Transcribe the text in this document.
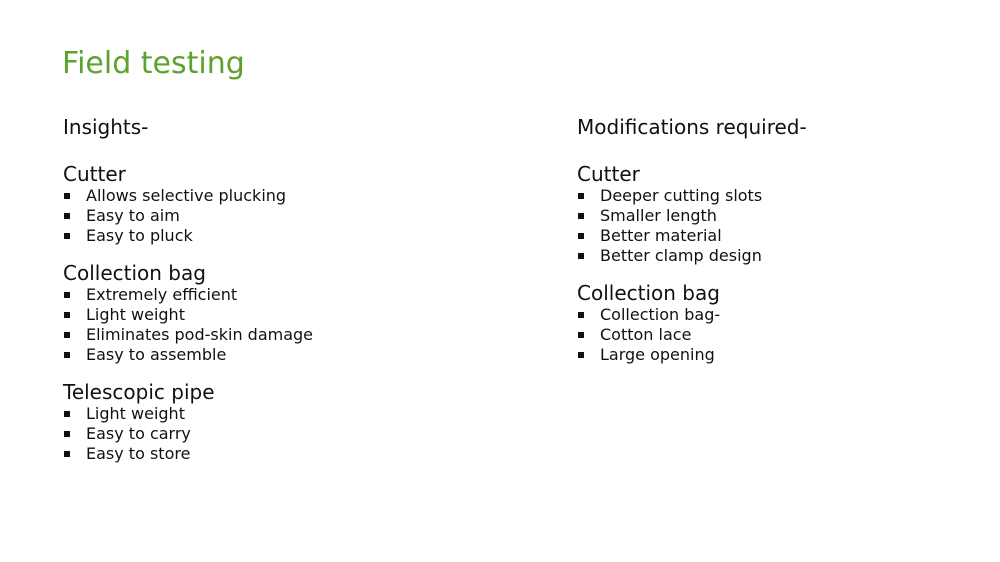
Field testing
Insights-
Cutter
Allows selective plucking
Easy to aim
Easy to pluck
Collection bag
Extremely efficient
Light weight
Eliminates pod-skin damage
Easy to assemble
Telescopic pipe
Light weight
Easy to carry
Easy to store
Modifications required-
Cutter
Deeper cutting slots
Smaller length
Better material
Better clamp design
Collection bag
Collection bag-
Cotton lace
Large opening
